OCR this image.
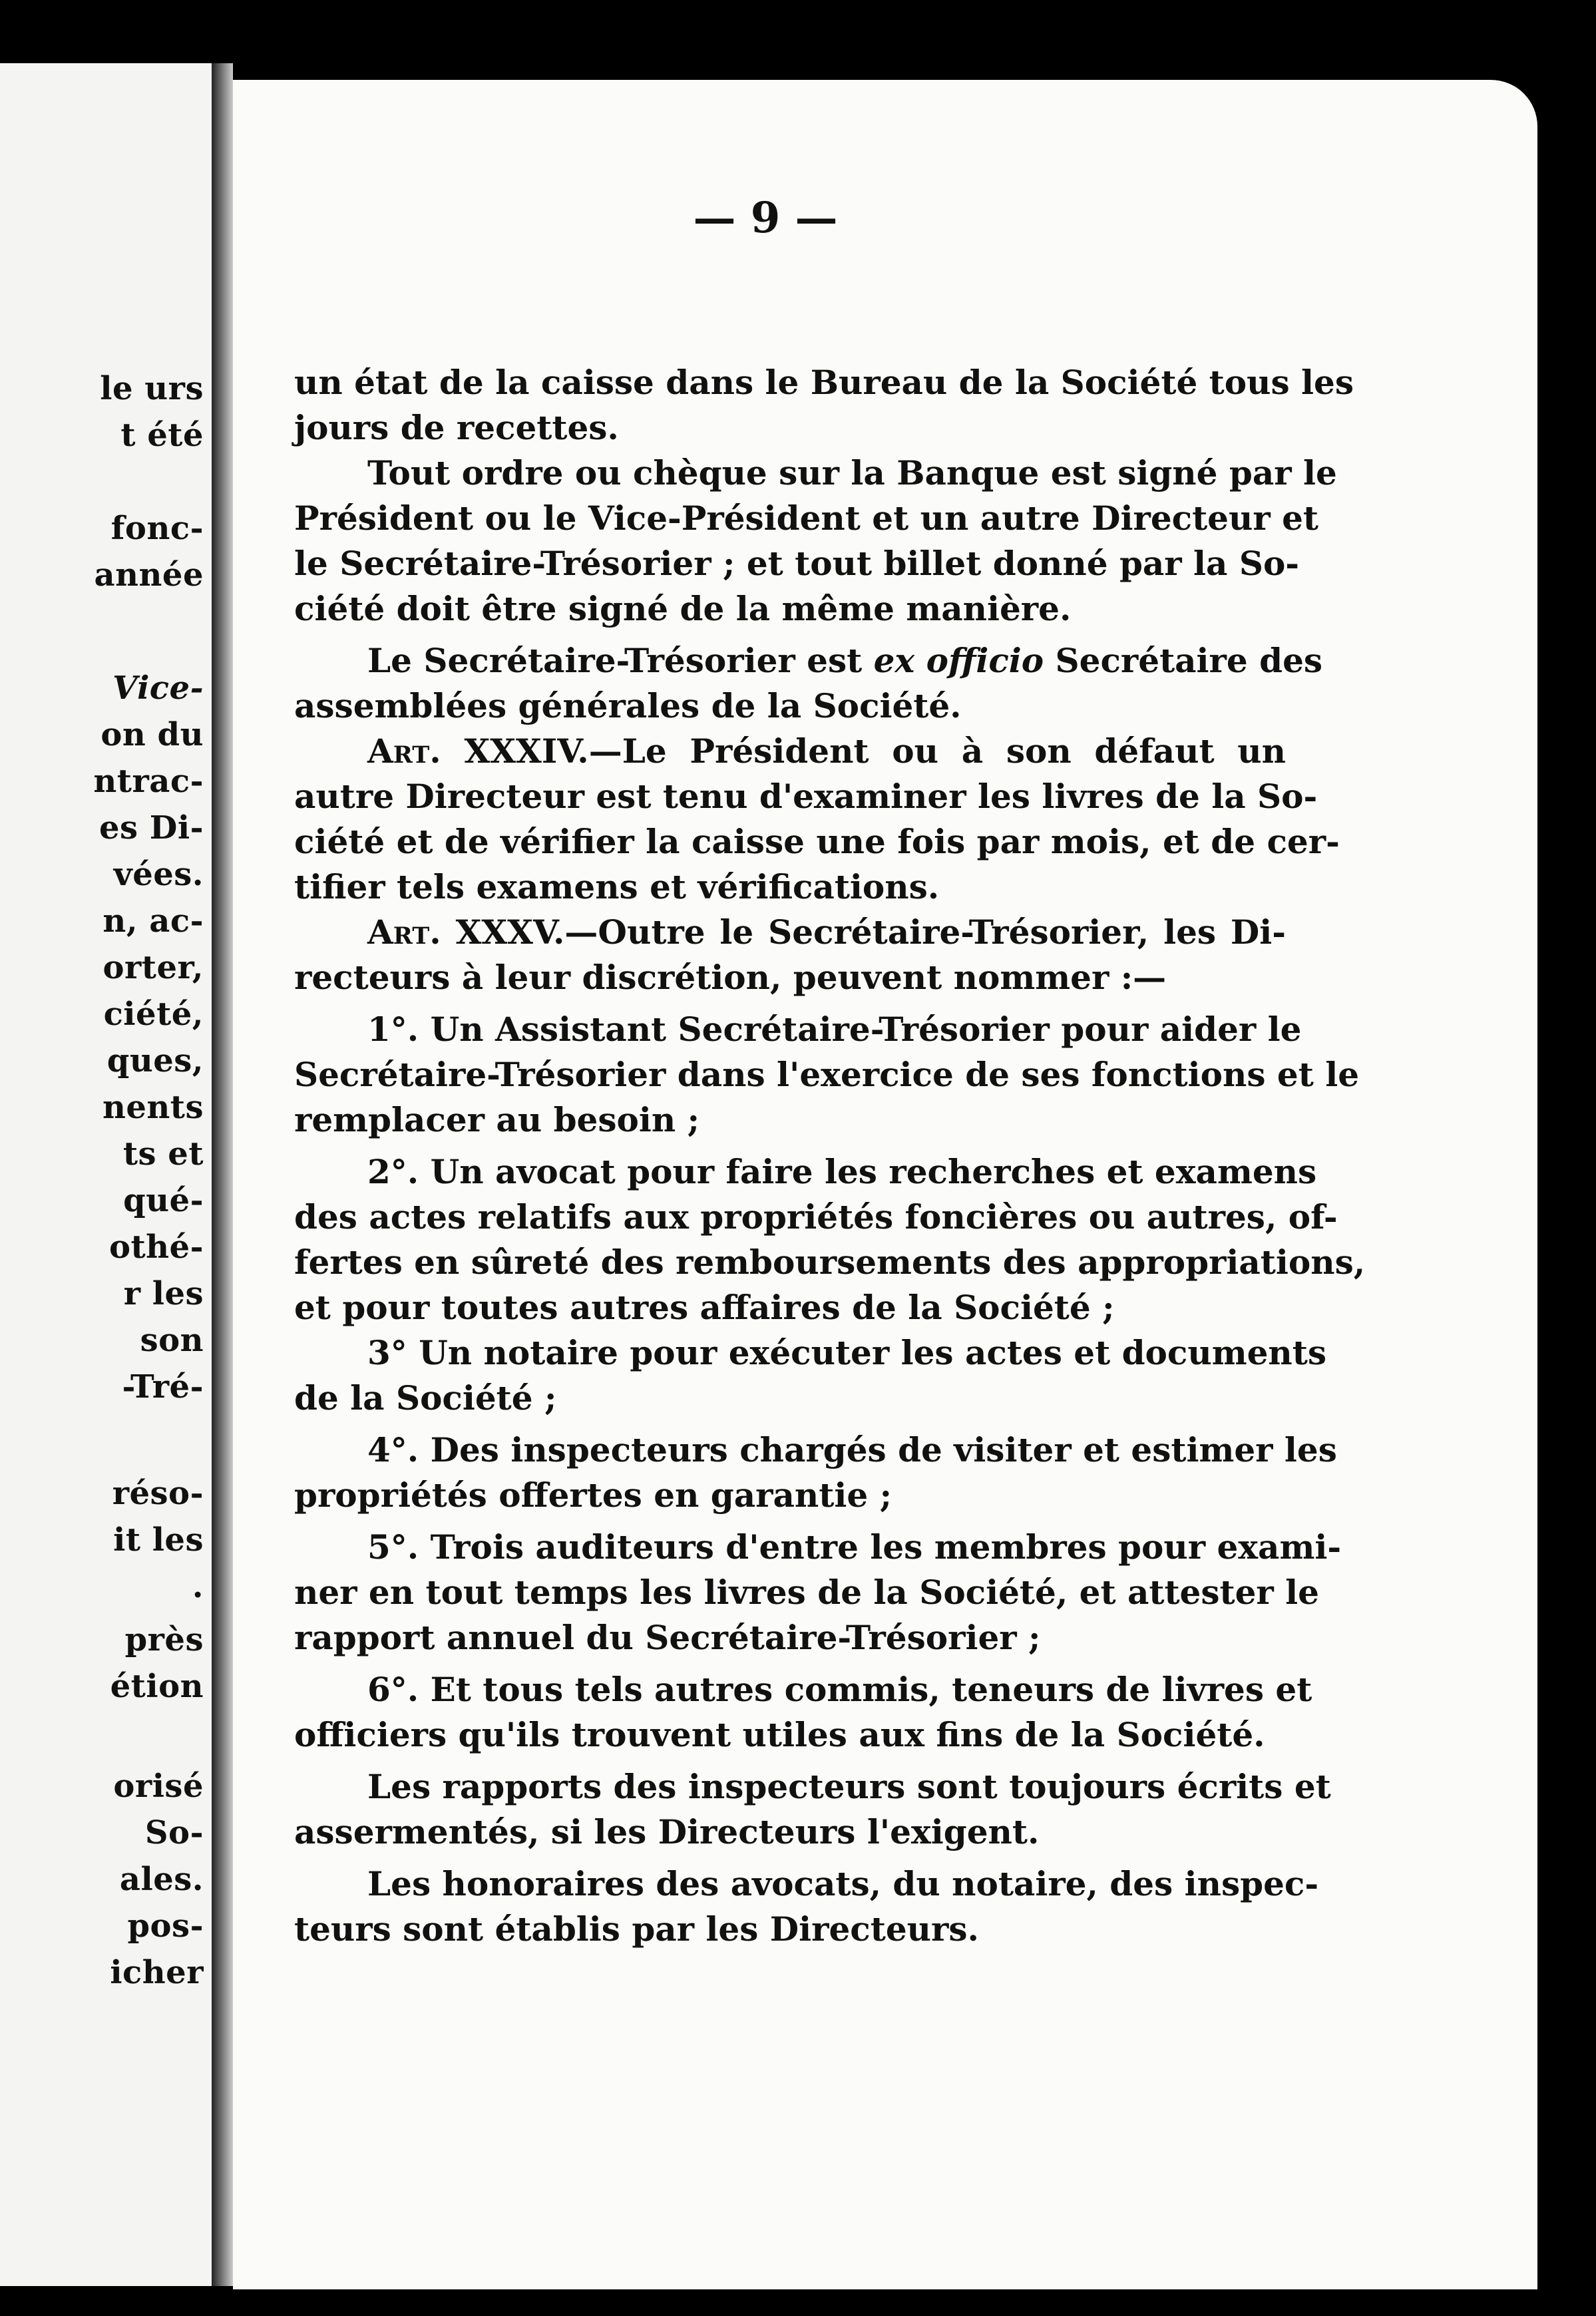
le urs
t été
fonc-
année
Vice-
on du
ntrac-
es Di-
vées.
n, ac-
orter,
ciété,
ques,
nents
ts et
qué-
othé-
r les
son
-Tré-
réso-
it les
.
près
étion
orisé
So-
ales.
pos-
icher
— 9 —
un état de la caisse dans le Bureau de la Société tous les
jours de recettes.
Tout ordre ou chèque sur la Banque est signé par le
Président ou le Vice-Président et un autre Directeur et
le Secrétaire-Trésorier ; et tout billet donné par la So-
ciété doit être signé de la même manière.
Le Secrétaire-Trésorier est ex officio Secrétaire des
assemblées générales de la Société.
Art. XXXIV.—Le Président ou à son défaut un
autre Directeur est tenu d'examiner les livres de la So-
ciété et de vérifier la caisse une fois par mois, et de cer-
tifier tels examens et vérifications.
Art. XXXV.—Outre le Secrétaire-Trésorier, les Di-
recteurs à leur discrétion, peuvent nommer :—
1°. Un Assistant Secrétaire-Trésorier pour aider le
Secrétaire-Trésorier dans l'exercice de ses fonctions et le
remplacer au besoin ;
2°. Un avocat pour faire les recherches et examens
des actes relatifs aux propriétés foncières ou autres, of-
fertes en sûreté des remboursements des appropriations,
et pour toutes autres affaires de la Société ;
3° Un notaire pour exécuter les actes et documents
de la Société ;
4°. Des inspecteurs chargés de visiter et estimer les
propriétés offertes en garantie ;
5°. Trois auditeurs d'entre les membres pour exami-
ner en tout temps les livres de la Société, et attester le
rapport annuel du Secrétaire-Trésorier ;
6°. Et tous tels autres commis, teneurs de livres et
officiers qu'ils trouvent utiles aux fins de la Société.
Les rapports des inspecteurs sont toujours écrits et
assermentés, si les Directeurs l'exigent.
Les honoraires des avocats, du notaire, des inspec-
teurs sont établis par les Directeurs.
